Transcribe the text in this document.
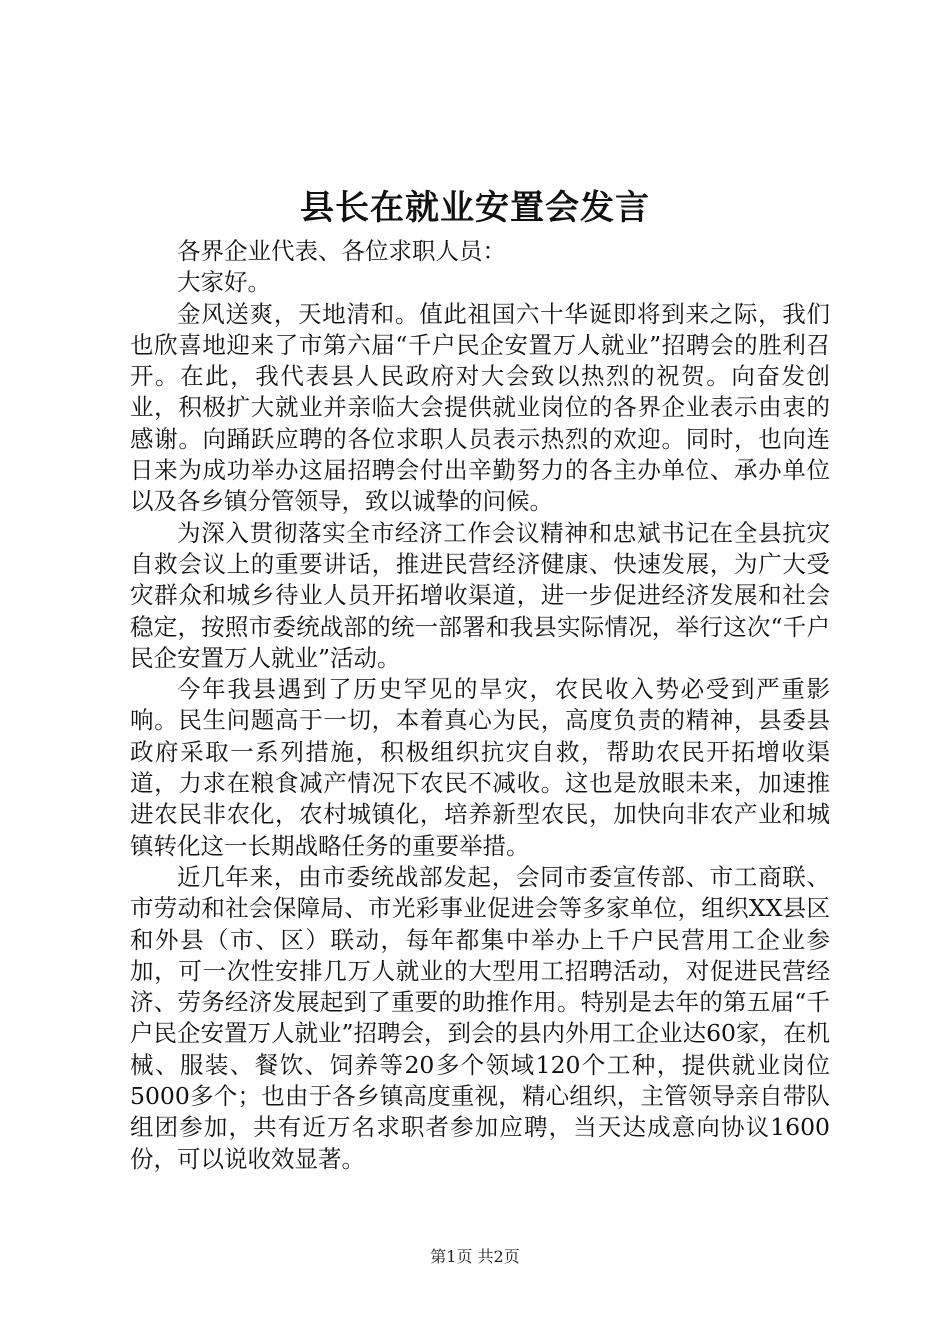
县长在就业安置会发言

各界企业代表、各位求职人员：

大家好。

金风送爽，天地清和。值此祖国六十华诞即将到来之际，我们也欣喜地迎来了市第六届“千户民企安置万人就业”招聘会的胜利召开。在此，我代表县人民政府对大会致以热烈的祝贺。向奋发创业，积极扩大就业并亲临大会提供就业岗位的各界企业表示由衷的感谢。向踊跃应聘的各位求职人员表示热烈的欢迎。同时，也向连日来为成功举办这届招聘会付出辛勤努力的各主办单位、承办单位以及各乡镇分管领导，致以诚挚的问候。

为深入贯彻落实全市经济工作会议精神和忠斌书记在全县抗灾自救会议上的重要讲话，推进民营经济健康、快速发展，为广大受灾群众和城乡待业人员开拓增收渠道，进一步促进经济发展和社会稳定，按照市委统战部的统一部署和我县实际情况，举行这次“千户民企安置万人就业”活动。

今年我县遇到了历史罕见的旱灾，农民收入势必受到严重影响。民生问题高于一切，本着真心为民，高度负责的精神，县委县政府采取一系列措施，积极组织抗灾自救，帮助农民开拓增收渠道，力求在粮食减产情况下农民不减收。这也是放眼未来，加速推进农民非农化，农村城镇化，培养新型农民，加快向非农产业和城镇转化这一长期战略任务的重要举措。

近几年来，由市委统战部发起，会同市委宣传部、市工商联、市劳动和社会保障局、市光彩事业促进会等多家单位，组织XX县区和外县（市、区）联动，每年都集中举办上千户民营用工企业参加，可一次性安排几万人就业的大型用工招聘活动，对促进民营经济、劳务经济发展起到了重要的助推作用。特别是去年的第五届“千户民企安置万人就业”招聘会，到会的县内外用工企业达60家，在机械、服装、餐饮、饲养等20多个领域120个工种，提供就业岗位5000多个；也由于各乡镇高度重视，精心组织，主管领导亲自带队组团参加，共有近万名求职者参加应聘，当天达成意向协议1600份，可以说收效显著。

第1页 共2页
